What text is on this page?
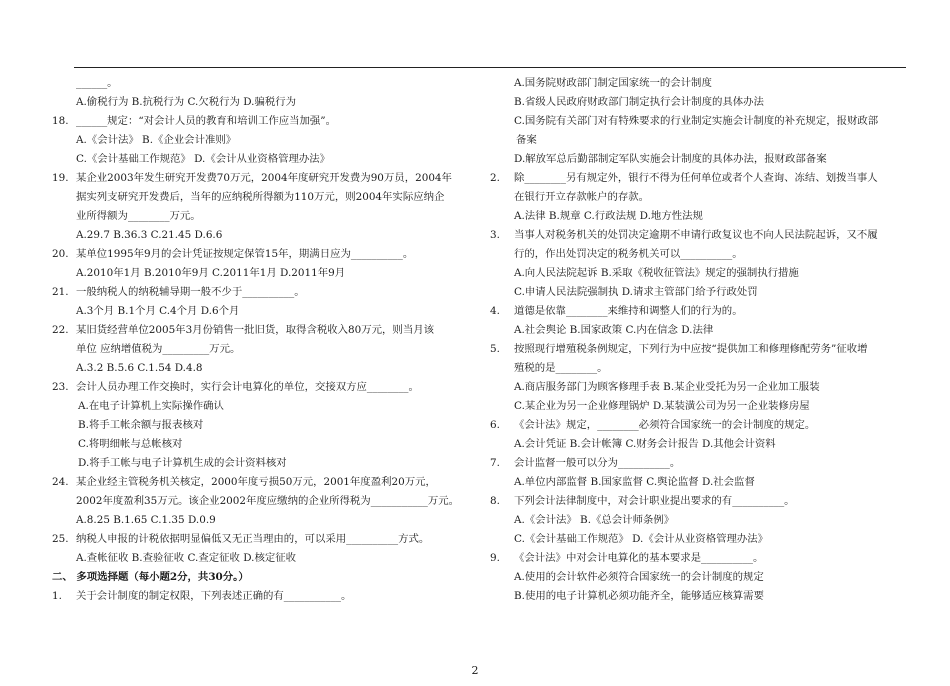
______。
A.偷税行为 B.抗税行为 C.欠税行为 D.骗税行为
18. ______规定：“对会计人员的教育和培训工作应当加强”。
A.《会计法》 B.《企业会计准则》
C.《会计基础工作规范》 D.《会计从业资格管理办法》
19. 某企业2003年发生研究开发费70万元，2004年度研究开发费为90万员，2004年
据实列支研究开发费后，当年的应纳税所得额为110万元，则2004年实际应纳企
业所得额为________万元。
A.29.7 B.36.3 C.21.45 D.6.6
20. 某单位1995年9月的会计凭证按规定保管15年，期满日应为__________。
A.2010年1月 B.2010年9月 C.2011年1月 D.2011年9月
21. 一般纳税人的纳税辅导期一般不少于__________。
A.3个月 B.1个月 C.4个月 D.6个月
22. 某旧货经营单位2005年3月份销售一批旧货，取得含税收入80万元，则当月该
单位 应纳增值税为_________万元。
A.3.2 B.5.6 C.1.54 D.4.8
23. 会计人员办理工作交换时，实行会计电算化的单位，交接双方应________。
A.在电子计算机上实际操作确认
B.将手工帐余额与报表核对
C.将明细帐与总帐核对
D.将手工帐与电子计算机生成的会计资料核对
24. 某企业经主管税务机关核定，2000年度亏损50万元，2001年度盈利20万元，
2002年度盈利35万元。该企业2002年度应缴纳的企业所得税为___________万元。
A.8.25 B.1.65 C.1.35 D.0.9
25. 纳税人申报的计税依据明显偏低又无正当理由的，可以采用__________方式。
A.查帐征收 B.查验征收 C.查定征收 D.核定征收
二、 多项选择题（每小题2分，共30分。）
1.	关于会计制度的制定权限，下列表述正确的有___________。
A.国务院财政部门制定国家统一的会计制度
B.省级人民政府财政部门制定执行会计制度的具体办法
C.国务院有关部门对有特殊要求的行业制定实施会计制度的补充规定，报财政部
备案
D.解放军总后勤部制定军队实施会计制度的具体办法，报财政部备案
2.	除________另有规定外，银行不得为任何单位或者个人查询、冻结、划拨当事人
在银行开立存款帐户的存款。
A.法律 B.规章 C.行政法规 D.地方性法规
3.	当事人对税务机关的处罚决定逾期不申请行政复议也不向人民法院起诉，又不履
行的，作出处罚决定的税务机关可以__________。
A.向人民法院起诉 B.采取《税收征管法》规定的强制执行措施
C.申请人民法院强制执 D.请求主管部门给予行政处罚
4.	道德是依靠________来维持和调整人们的行为的。
A.社会舆论 B.国家政策 C.内在信念 D.法律
5.	按照现行增殖税条例规定，下列行为中应按“提供加工和修理修配劳务”征收增
殖税的是________。
A.商店服务部门为顾客修理手表 B.某企业受托为另一企业加工服装
C.某企业为另一企业修理锅炉 D.某装潢公司为另一企业装修房屋
6.	《会计法》规定，________必须符合国家统一的会计制度的规定。
A.会计凭证 B.会计帐簿 C.财务会计报告 D.其他会计资料
7.	会计监督一般可以分为__________。
A.单位内部监督 B.国家监督 C.舆论监督 D.社会监督
8.	下列会计法律制度中，对会计职业提出要求的有__________。
A.《会计法》 B.《总会计师条例》
C.《会计基础工作规范》 D.《会计从业资格管理办法》
9.	《会计法》中对会计电算化的基本要求是__________。
A.使用的会计软件必须符合国家统一的会计制度的规定
B.使用的电子计算机必须功能齐全，能够适应核算需要
2
